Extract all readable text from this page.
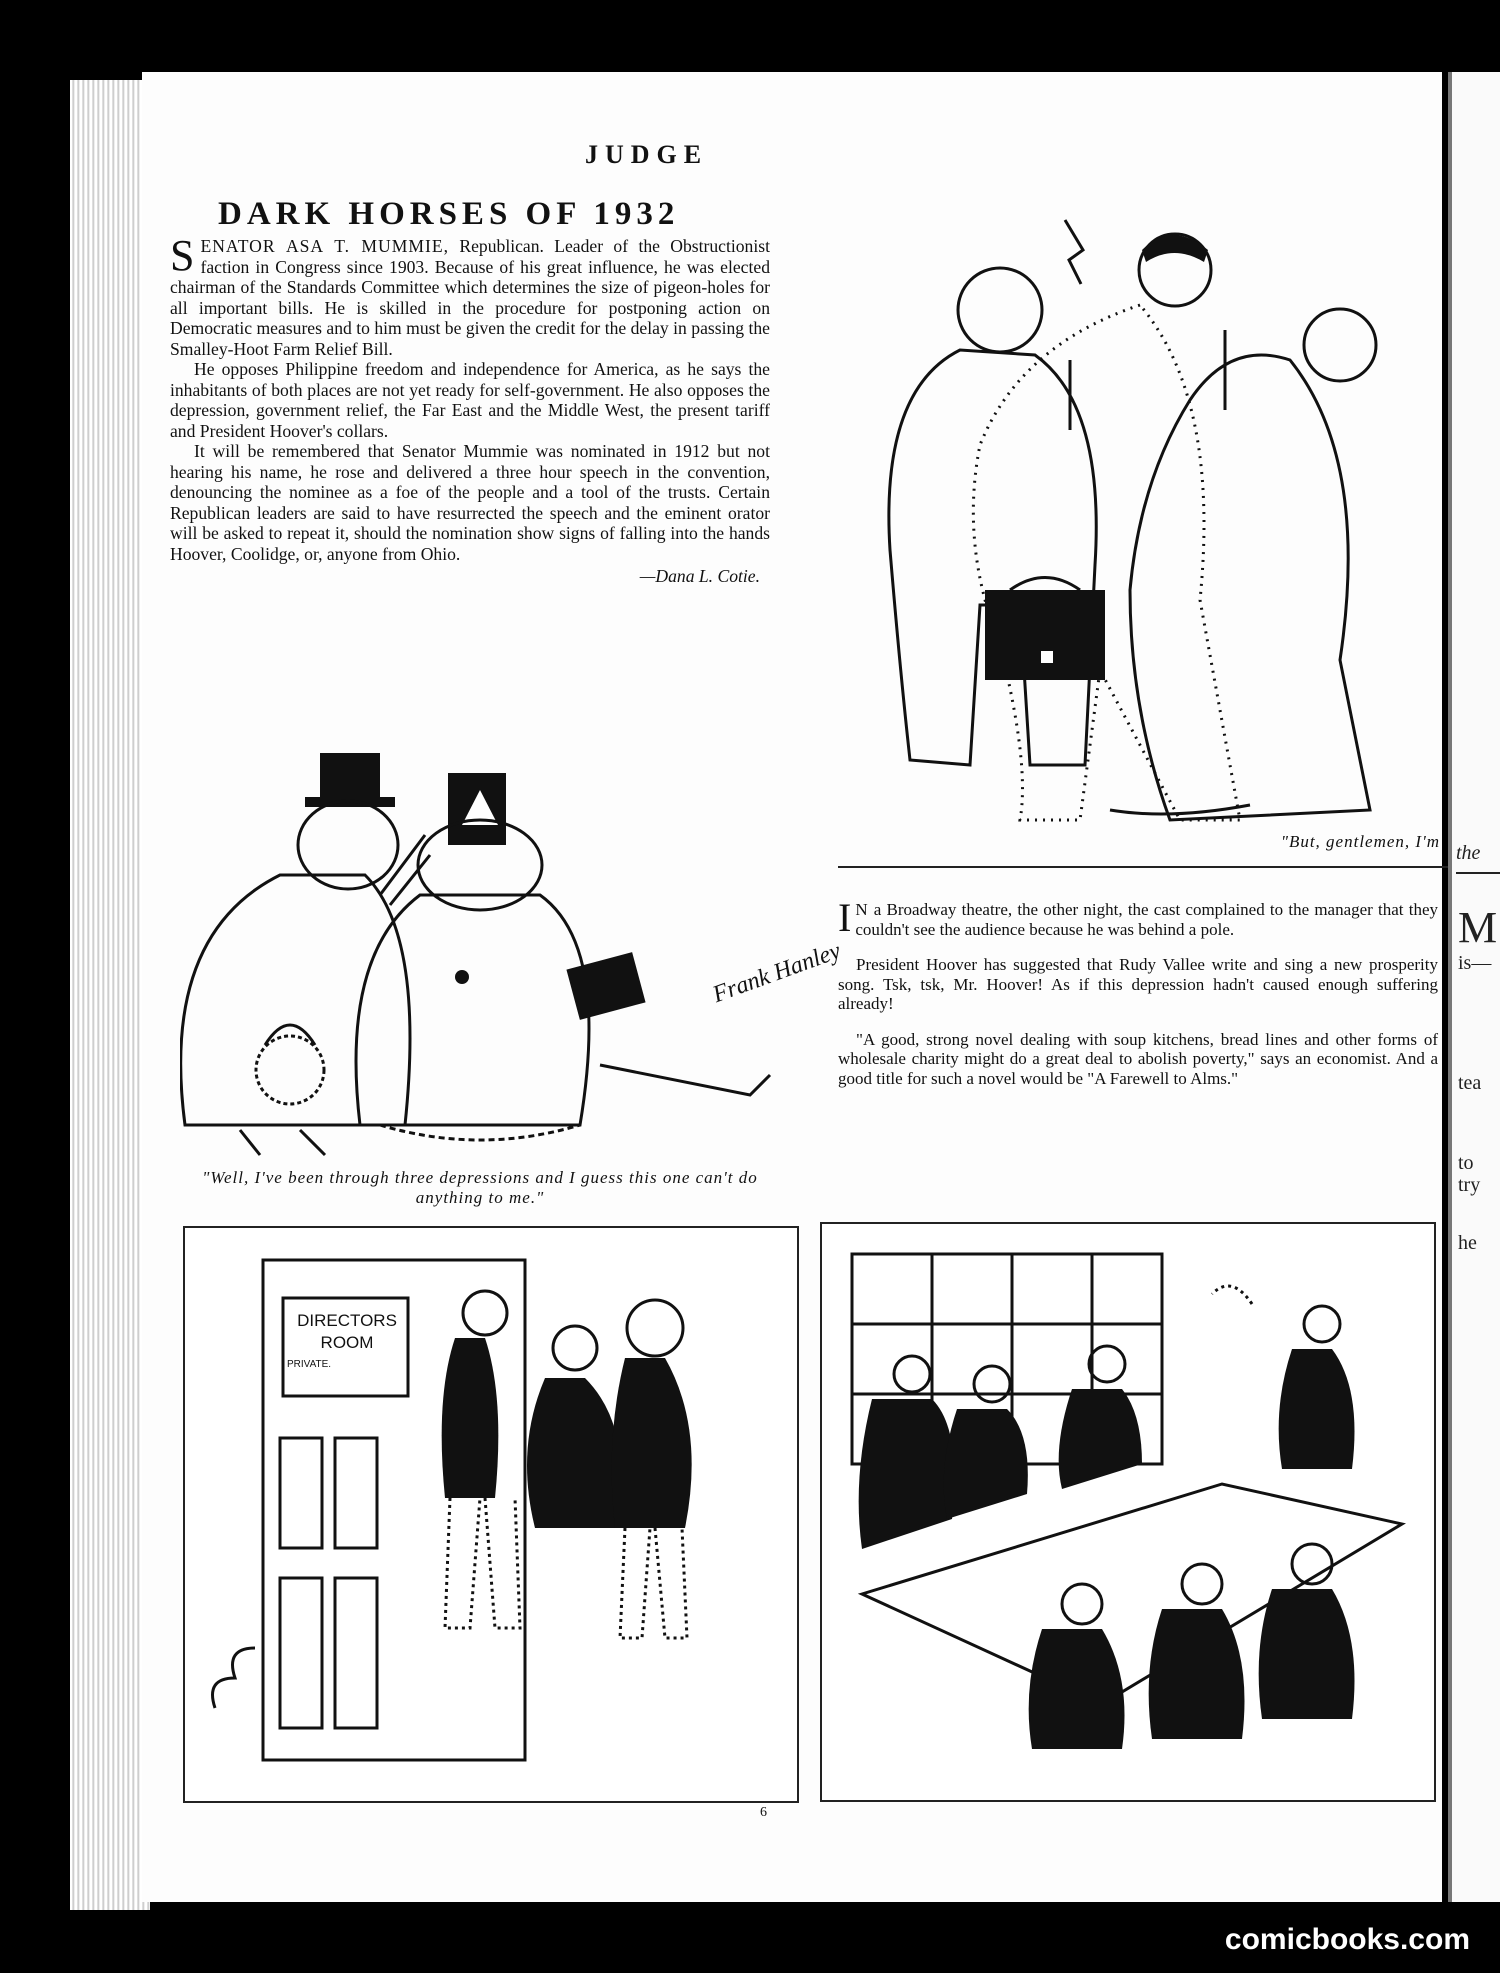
the
M
is—
tea
to
try
he
JUDGE
DARK HORSES OF 1932

SENATOR ASA T. MUMMIE, Republican. Leader of the Obstructionist faction in Congress since 1903. Because of his great influence, he was elected chairman of the Standards Committee which determines the size of pigeon-holes for all important bills. He is skilled in the procedure for postponing action on Democratic measures and to him must be given the credit for the delay in passing the Smalley-Hoot Farm Relief Bill.

He opposes Philippine freedom and independence for America, as he says the inhabitants of both places are not yet ready for self-government. He also opposes the depression, government relief, the Far East and the Middle West, the present tariff and President Hoover's collars.

It will be remembered that Senator Mummie was nominated in 1912 but not hearing his name, he rose and delivered a three hour speech in the convention, denouncing the nominee as a foe of the people and a tool of the trusts. Certain Republican leaders are said to have resurrected the speech and the eminent orator will be asked to repeat it, should the nomination show signs of falling into the hands Hoover, Coolidge, or, anyone from Ohio.

—Dana L. Cotie.
"But, gentlemen, I'm
Frank Hanley
"Well, I've been through three depressions and I guess this one can't do anything to me."

I N a Broadway theatre, the other night, the cast complained to the manager that they couldn't see the audience because he was behind a pole.

President Hoover has suggested that Rudy Vallee write and sing a new prosperity song. Tsk, tsk, Mr. Hoover! As if this depression hadn't caused enough suffering already!

"A good, strong novel dealing with soup kitchens, bread lines and other forms of wholesale charity might do a great deal to abolish poverty," says an economist. And a good title for such a novel would be "A Farewell to Alms."

DIRECTORS
ROOM
PRIVATE.
6
comicbooks.com
